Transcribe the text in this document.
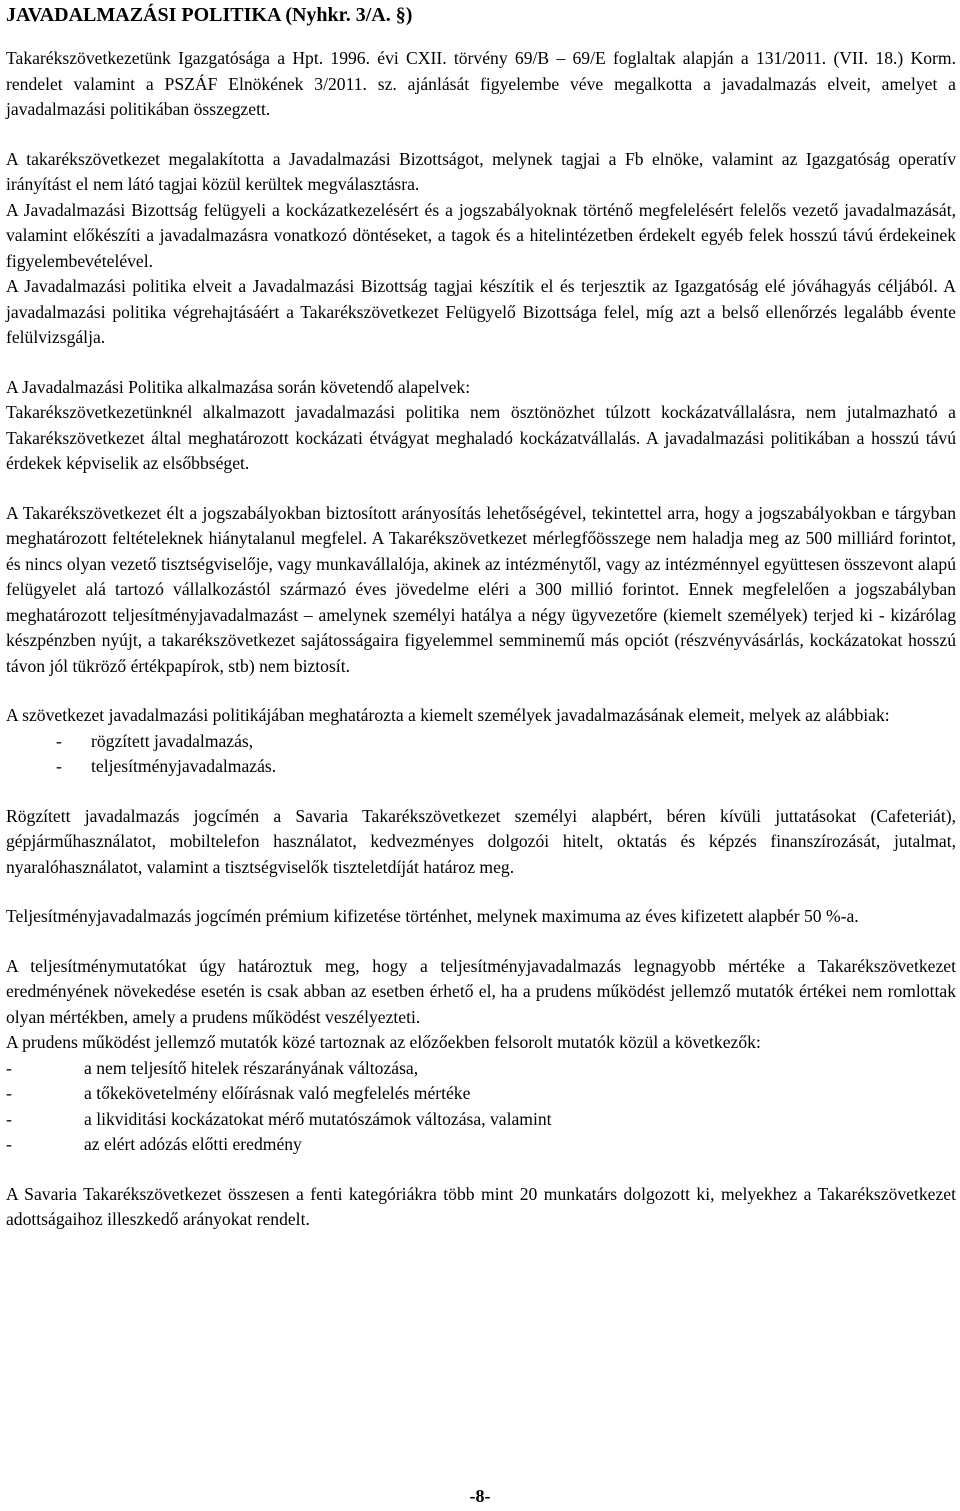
JAVADALMAZÁSI POLITIKA (Nyhkr. 3/A. §)

Takarékszövetkezetünk Igazgatósága a Hpt. 1996. évi CXII. törvény 69/B – 69/E foglaltak alapján a 131/2011. (VII. 18.) Korm. rendelet valamint a PSZÁF Elnökének 3/2011. sz. ajánlását figyelembe véve megalkotta a javadalmazás elveit, amelyet a javadalmazási politikában összegzett.

A takarékszövetkezet megalakította a Javadalmazási Bizottságot, melynek tagjai a Fb elnöke, valamint az Igazgatóság operatív irányítást el nem látó tagjai közül kerültek megválasztásra.

A Javadalmazási Bizottság felügyeli a kockázatkezelésért és a jogszabályoknak történő megfelelésért felelős vezető javadalmazását, valamint előkészíti a javadalmazásra vonatkozó döntéseket, a tagok és a hitelintézetben érdekelt egyéb felek hosszú távú érdekeinek figyelembevételével.

A Javadalmazási politika elveit a Javadalmazási Bizottság tagjai készítik el és terjesztik az Igazgatóság elé jóváhagyás céljából. A javadalmazási politika végrehajtásáért a Takarékszövetkezet Felügyelő Bizottsága felel, míg azt a belső ellenőrzés legalább évente felülvizsgálja.

A Javadalmazási Politika alkalmazása során követendő alapelvek:

Takarékszövetkezetünknél alkalmazott javadalmazási politika nem ösztönözhet túlzott kockázatvállalásra, nem jutalmazható a Takarékszövetkezet által meghatározott kockázati étvágyat meghaladó kockázatvállalás. A javadalmazási politikában a hosszú távú érdekek képviselik az elsőbbséget.

A Takarékszövetkezet élt a jogszabályokban biztosított arányosítás lehetőségével, tekintettel arra, hogy a jogszabályokban e tárgyban meghatározott feltételeknek hiánytalanul megfelel. A Takarékszövetkezet mérlegfőösszege nem haladja meg az 500 milliárd forintot, és nincs olyan vezető tisztségviselője, vagy munkavállalója, akinek az intézménytől, vagy az intézménnyel együttesen összevont alapú felügyelet alá tartozó vállalkozástól származó éves jövedelme eléri a 300 millió forintot. Ennek megfelelően a jogszabályban meghatározott teljesítményjavadalmazást – amelynek személyi hatálya a négy ügyvezetőre (kiemelt személyek) terjed ki - kizárólag készpénzben nyújt, a takarékszövetkezet sajátosságaira figyelemmel semminemű más opciót (részvényvásárlás, kockázatokat hosszú távon jól tükröző értékpapírok, stb) nem biztosít.

A szövetkezet javadalmazási politikájában meghatározta a kiemelt személyek javadalmazásának elemeit, melyek az alábbiak:

- rögzített javadalmazás,
- teljesítményjavadalmazás.

Rögzített javadalmazás jogcímén a Savaria Takarékszövetkezet személyi alapbért, béren kívüli juttatásokat (Cafeteriát), gépjárműhasználatot, mobiltelefon használatot, kedvezményes dolgozói hitelt, oktatás és képzés finanszírozását, jutalmat, nyaralóhasználatot, valamint a tisztségviselők tiszteletdíját határoz meg.

Teljesítményjavadalmazás jogcímén prémium kifizetése történhet, melynek maximuma az éves kifizetett alapbér 50 %-a.

A teljesítménymutatókat úgy határoztuk meg, hogy a teljesítményjavadalmazás legnagyobb mértéke a Takarékszövetkezet eredményének növekedése esetén is csak abban az esetben érhető el, ha a prudens működést jellemző mutatók értékei nem romlottak olyan mértékben, amely a prudens működést veszélyezteti.

A prudens működést jellemző mutatók közé tartoznak az előzőekben felsorolt mutatók közül a következők:

-	a nem teljesítő hitelek részarányának változása,
-	a tőkekövetelmény előírásnak való megfelelés mértéke
-	a likviditási kockázatokat mérő mutatószámok változása, valamint
-	az elért adózás előtti eredmény

A Savaria Takarékszövetkezet összesen a fenti kategóriákra több mint 20 munkatárs dolgozott ki, melyekhez a Takarékszövetkezet adottságaihoz illeszkedő arányokat rendelt.

-8-
